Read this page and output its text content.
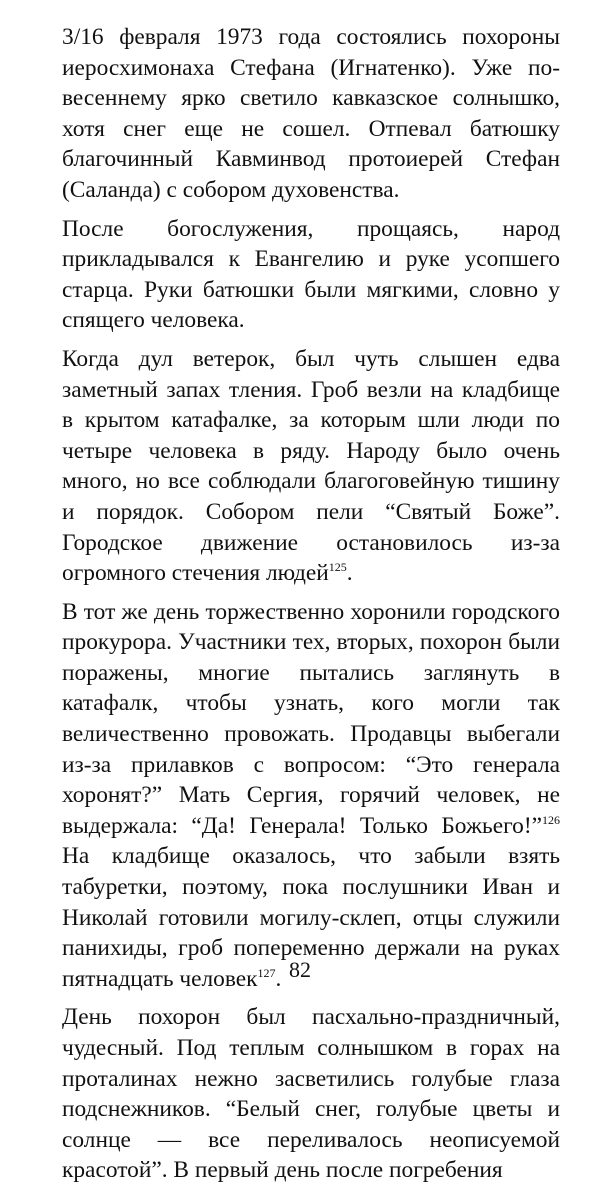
3/16 февраля 1973 года состоялись похороны иеросхимонаха Стефана (Игнатенко). Уже по-весеннему ярко светило кавказское солнышко, хотя снег еще не сошел. Отпевал батюшку благочинный Кавминвод протоиерей Стефан (Саланда) с собором духовенства.

После богослужения, прощаясь, народ прикладывался к Евангелию и руке усопшего старца. Руки батюшки были мягкими, словно у спящего человека.

Когда дул ветерок, был чуть слышен едва заметный запах тления. Гроб везли на кладбище в крытом катафалке, за которым шли люди по четыре человека в ряду. Народу было очень много, но все соблюдали благоговейную тишину и порядок. Собором пели “Святый Боже”. Городское движение остановилось из-за огромного стечения людей$^{125}$.

В тот же день торжественно хоронили городского прокурора. Участники тех, вторых, похорон были поражены, многие пытались заглянуть в катафалк, чтобы узнать, кого могли так величественно провожать. Продавцы выбегали из-за прилавков с вопросом: “Это генерала хоронят?” Мать Сергия, горячий человек, не выдержала: “Да! Генерала! Только Божьего!”$^{126}$ На кладбище оказалось, что забыли взять табуретки, поэтому, пока послушники Иван и Николай готовили могилу-склеп, отцы служили панихиды, гроб попеременно держали на руках пятнадцать человек$^{127}$.

День похорон был пасхально-праздничный, чудесный. Под теплым солнышком в горах на проталинах нежно засветились голубые глаза подснежников. “Белый снег, голубые цветы и солнце — все переливалось неописуемой красотой”. В первый день после погребения

82
